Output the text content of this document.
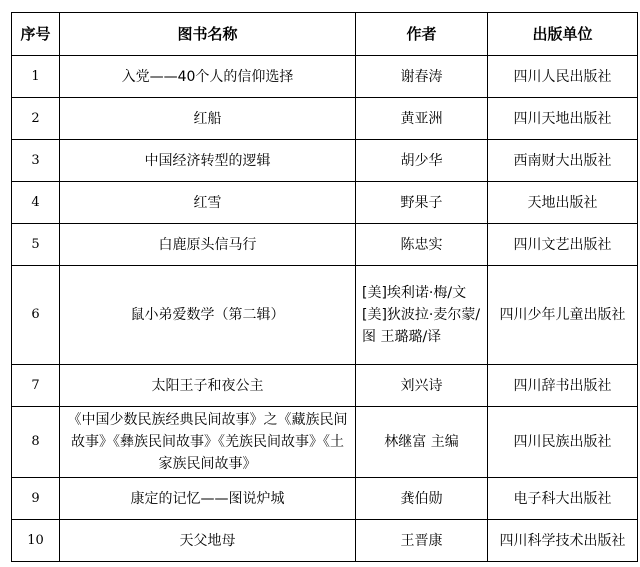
序号	图书名称	作者	出版单位
1	入党——40个人的信仰选择	谢春涛	四川人民出版社
2	红船	黄亚洲	四川天地出版社
3	中国经济转型的逻辑	胡少华	西南财大出版社
4	红雪	野果子	天地出版社
5	白鹿原头信马行	陈忠实	四川文艺出版社
6	鼠小弟爱数学（第二辑）	[美]埃利诺·梅/文 [美]狄波拉·麦尔蒙/图 王璐璐/译	四川少年儿童出版社
7	太阳王子和夜公主	刘兴诗	四川辞书出版社
8	《中国少数民族经典民间故事》之《藏族民间故事》《彝族民间故事》《羌族民间故事》《土家族民间故事》	林继富 主编	四川民族出版社
9	康定的记忆——图说炉城	龚伯勋	电子科大出版社
10	天父地母	王晋康	四川科学技术出版社
